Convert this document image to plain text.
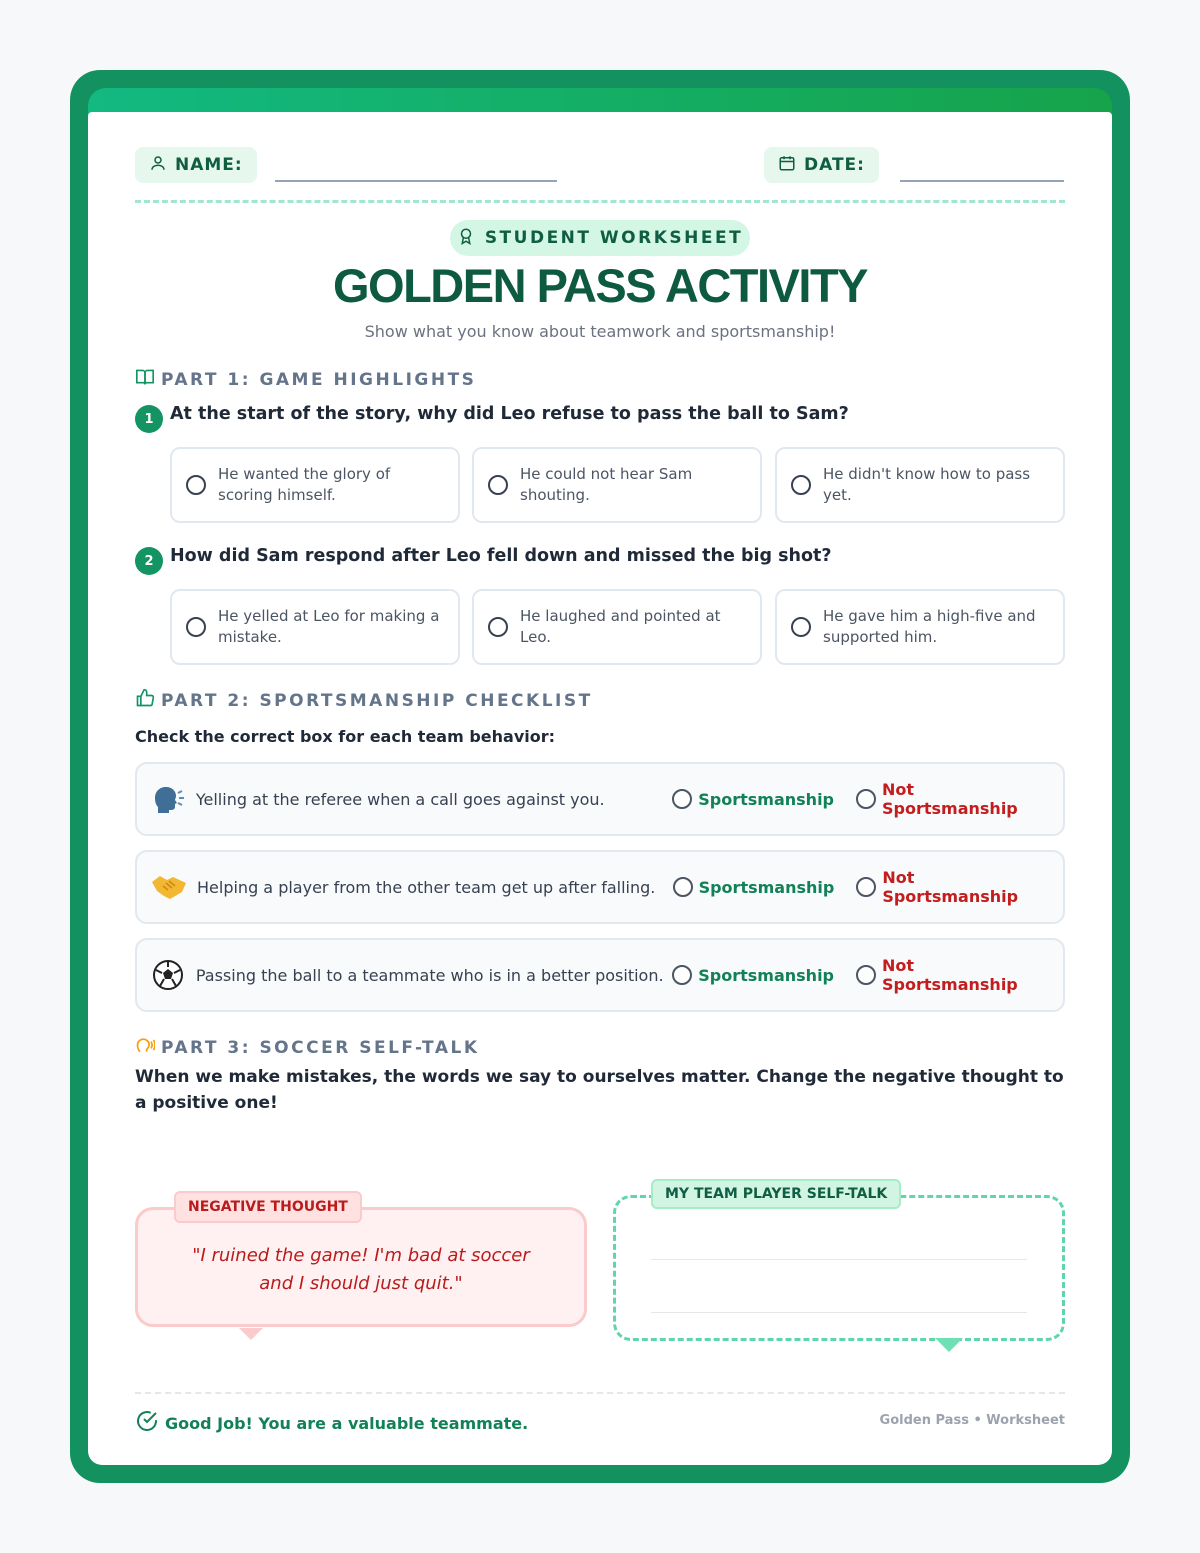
NAME:	DATE:
STUDENT WORKSHEET
GOLDEN PASS ACTIVITY
Show what you know about teamwork and sportsmanship!
PART 1: GAME HIGHLIGHTS
1 At the start of the story, why did Leo refuse to pass the ball to Sam?
He wanted the glory of scoring himself.
He could not hear Sam shouting.
He didn't know how to pass yet.
2 How did Sam respond after Leo fell down and missed the big shot?
He yelled at Leo for making a mistake.
He laughed and pointed at Leo.
He gave him a high-five and supported him.
PART 2: SPORTSMANSHIP CHECKLIST
Check the correct box for each team behavior:
Yelling at the referee when a call goes against you.	Sportsmanship	Not Sportsmanship
Helping a player from the other team get up after falling.	Sportsmanship	Not Sportsmanship
Passing the ball to a teammate who is in a better position.	Sportsmanship	Not Sportsmanship
PART 3: SOCCER SELF-TALK
When we make mistakes, the words we say to ourselves matter. Change the negative thought to a positive one!
NEGATIVE THOUGHT
"I ruined the game! I'm bad at soccer and I should just quit."
MY TEAM PLAYER SELF-TALK
Good Job! You are a valuable teammate.	Golden Pass • Worksheet
